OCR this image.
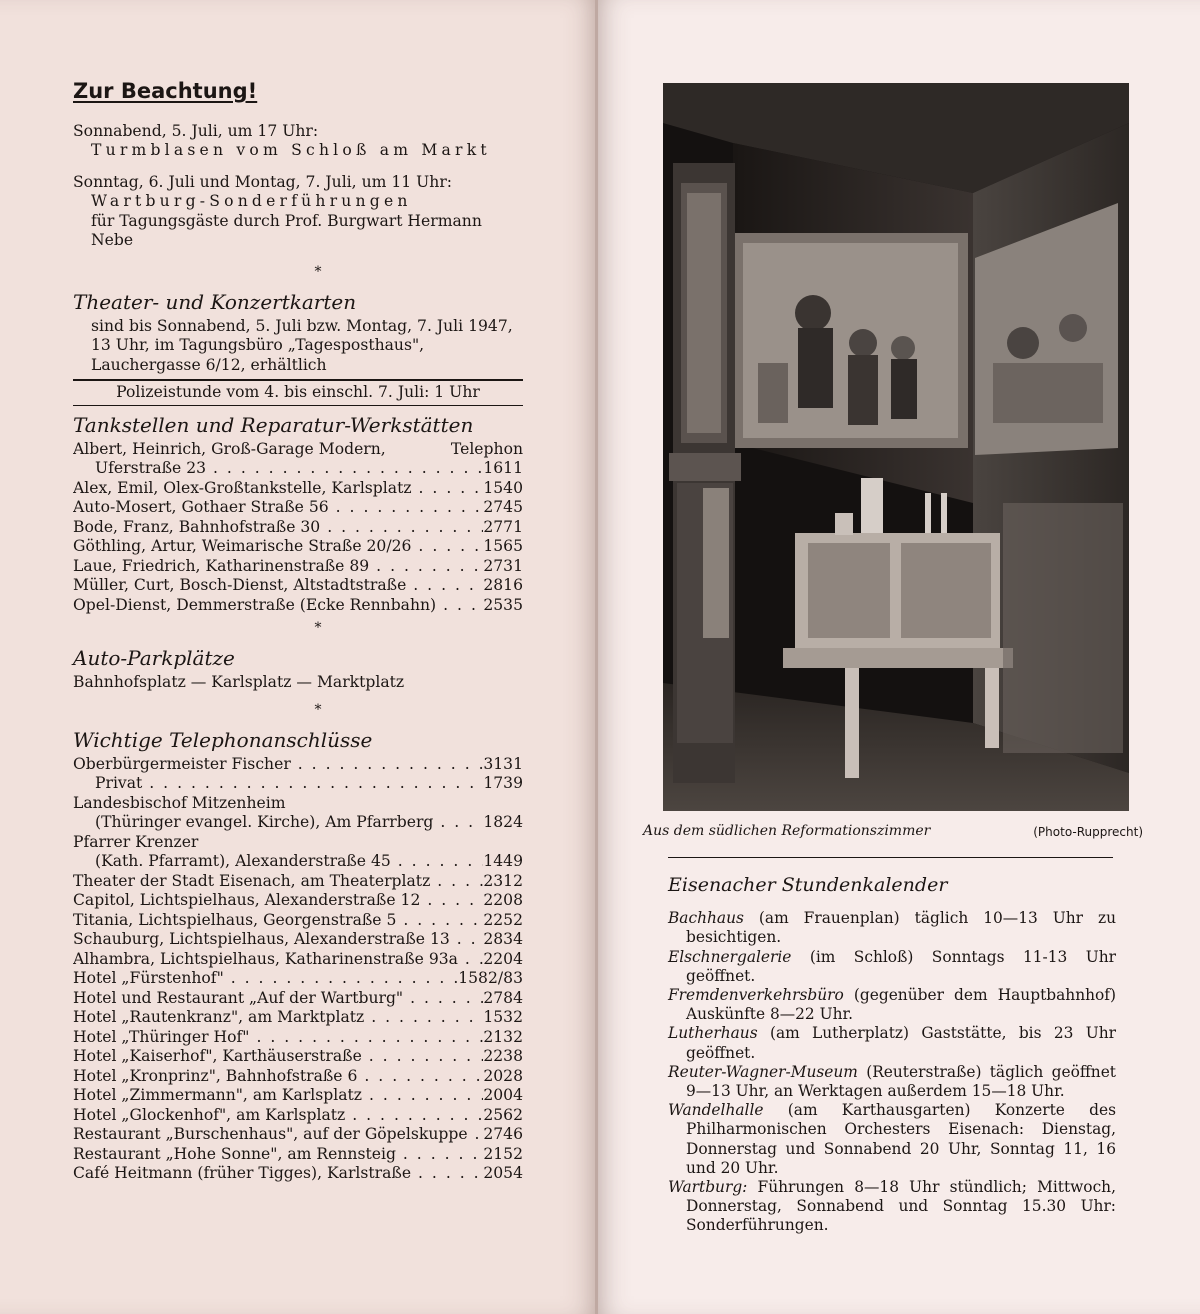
Zur Beachtung!
Sonnabend, 5. Juli, um 17 Uhr:
Turmblasen vom Schloß am Markt
Sonntag, 6. Juli und Montag, 7. Juli, um 11 Uhr:
Wartburg-Sonderführungen
für Tagungsgäste durch Prof. Burgwart Hermann Nebe
*
Theater- und Konzertkarten
sind bis Sonnabend, 5. Juli bzw. Montag, 7. Juli 1947, 13 Uhr, im Tagungsbüro „Tagesposthaus", Lauchergasse 6/12, erhältlich
Polizeistunde vom 4. bis einschl. 7. Juli: 1 Uhr
Tankstellen und Reparatur-Werkstätten
Albert, Heinrich, Groß-Garage Modern,	Telephon
Uferstraße 23 . . .	1611
Alex, Emil, Olex-Großtankstelle, Karlsplatz . . .	1540
Auto-Mosert, Gothaer Straße 56 . . .	2745
Bode, Franz, Bahnhofstraße 30 . . .	2771
Göthling, Artur, Weimarische Straße 20/26 . . .	1565
Laue, Friedrich, Katharinenstraße 89 . . .	2731
Müller, Curt, Bosch-Dienst, Altstadtstraße . . .	2816
Opel-Dienst, Demmerstraße (Ecke Rennbahn) . . .	2535
*
Auto-Parkplätze
Bahnhofsplatz — Karlsplatz — Marktplatz
*
Wichtige Telephonanschlüsse
Oberbürgermeister Fischer . . .	3131
Privat . . .	1739
Landesbischof Mitzenheim
(Thüringer evangel. Kirche), Am Pfarrberg . . .	1824
Pfarrer Krenzer
(Kath. Pfarramt), Alexanderstraße 45 . . .	1449
Theater der Stadt Eisenach, am Theaterplatz . . .	2312
Capitol, Lichtspielhaus, Alexanderstraße 12 . . .	2208
Titania, Lichtspielhaus, Georgenstraße 5 . . .	2252
Schauburg, Lichtspielhaus, Alexanderstraße 13 . . .	2834
Alhambra, Lichtspielhaus, Katharinenstraße 93a . . .	2204
Hotel „Fürstenhof" . . .	1582/83
Hotel und Restaurant „Auf der Wartburg" . . .	2784
Hotel „Rautenkranz", am Marktplatz . . .	1532
Hotel „Thüringer Hof" . . .	2132
Hotel „Kaiserhof", Karthäuserstraße . . .	2238
Hotel „Kronprinz", Bahnhofstraße 6 . . .	2028
Hotel „Zimmermann", am Karlsplatz . . .	2004
Hotel „Glockenhof", am Karlsplatz . . .	2562
Restaurant „Burschenhaus", auf der Göpelskuppe . . .	2746
Restaurant „Hohe Sonne", am Rennsteig . . .	2152
Café Heitmann (früher Tigges), Karlstraße . . .	2054
Aus dem südlichen Reformationszimmer	(Photo-Rupprecht)
Eisenacher Stundenkalender
Bachhaus (am Frauenplan) täglich 10—13 Uhr zu besichtigen.
Elschnergalerie (im Schloß) Sonntags 11-13 Uhr geöffnet.
Fremdenverkehrsbüro (gegenüber dem Hauptbahnhof) Auskünfte 8—22 Uhr.
Lutherhaus (am Lutherplatz) Gaststätte, bis 23 Uhr geöffnet.
Reuter-Wagner-Museum (Reuterstraße) täglich geöffnet 9—13 Uhr, an Werktagen außerdem 15—18 Uhr.
Wandelhalle (am Karthausgarten) Konzerte des Philharmonischen Orchesters Eisenach: Dienstag, Donnerstag und Sonnabend 20 Uhr, Sonntag 11, 16 und 20 Uhr.
Wartburg: Führungen 8—18 Uhr stündlich; Mittwoch, Donnerstag, Sonnabend und Sonntag 15.30 Uhr: Sonderführungen.
